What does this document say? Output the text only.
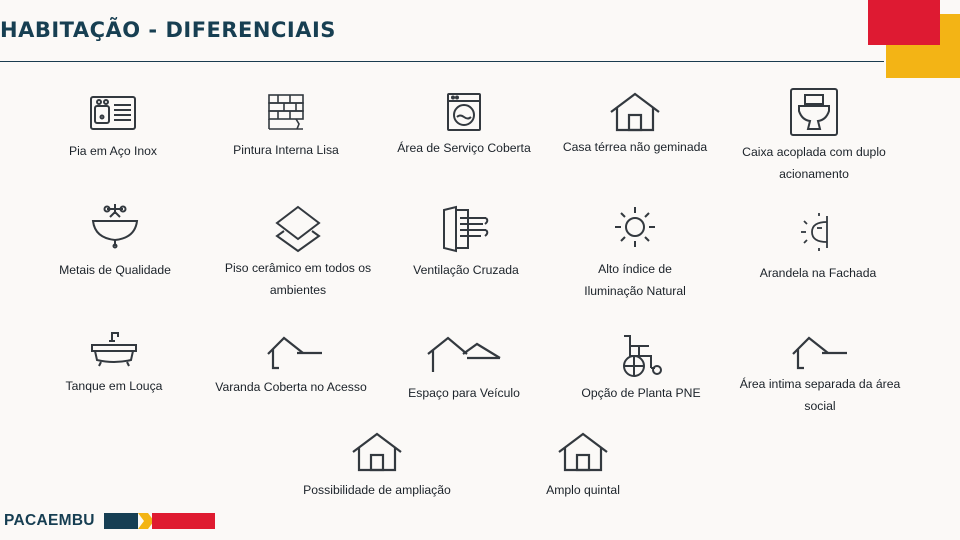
HABITAÇÃO - DIFERENCIAIS
Pia em Aço Inox	Pintura Interna Lisa	Área de Serviço Coberta	Casa térrea não geminada	Caixa acoplada com duplo acionamento
Metais de Qualidade	Piso cerâmico em todos os ambientes
Ventilação Cruzada	Alto índice de Iluminação Natural
Arandela na Fachada
Tanque em Louça	Varanda Coberta no Acesso	Espaço para Veículo	Opção de Planta PNE
Área intima separada da área social
Possibilidade de ampliação	Amplo quintal
PACAEMBU
